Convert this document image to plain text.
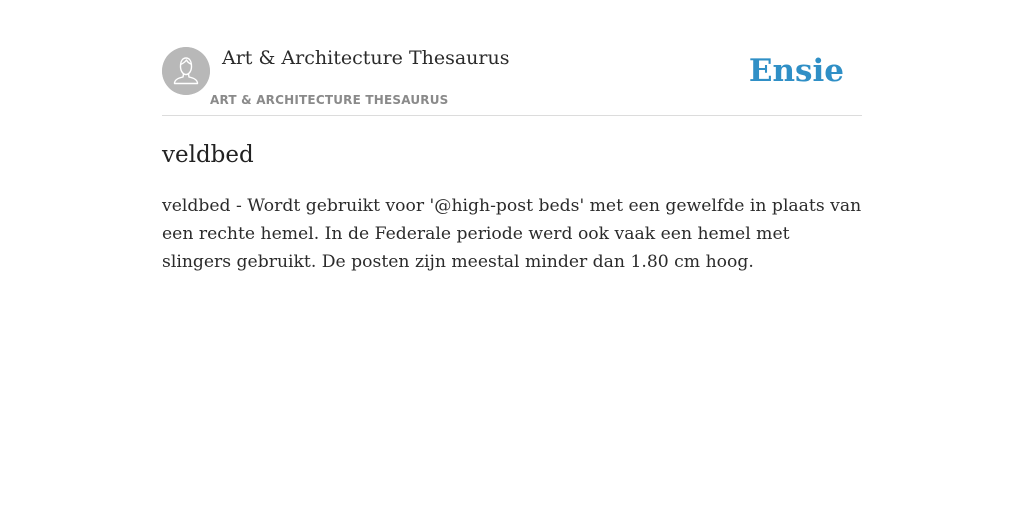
Art & Architecture Thesaurus
ART & ARCHITECTURE THESAURUS
Ensie
veldbed

veldbed - Wordt gebruikt voor '@high-post beds' met een gewelfde in plaats van een rechte hemel. In de Federale periode werd ook vaak een hemel met slingers gebruikt. De posten zijn meestal minder dan 1.80 cm hoog.
